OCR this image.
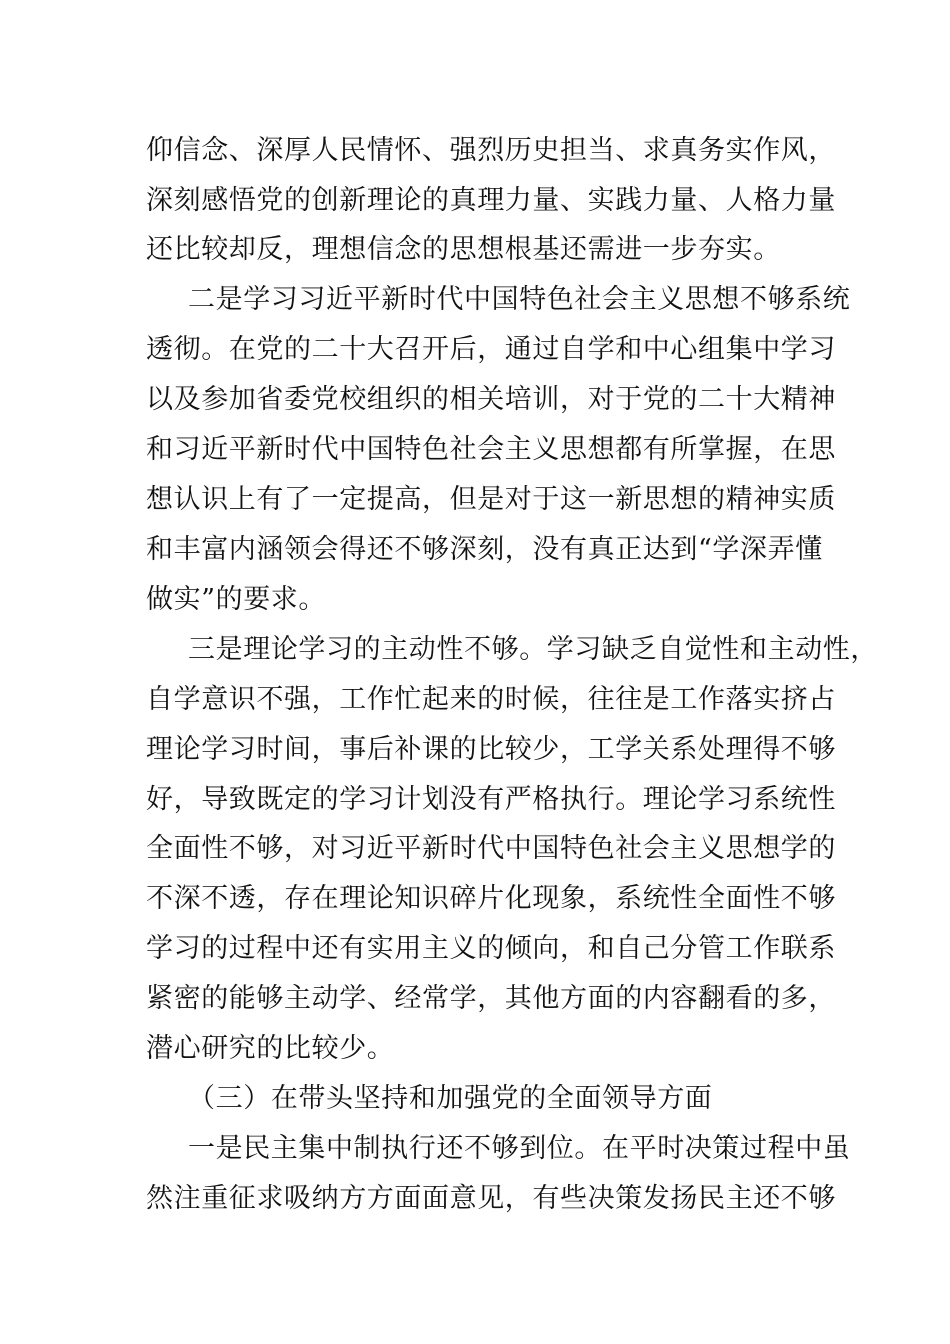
仰信念、深厚人民情怀、强烈历史担当、求真务实作风，
深刻感悟党的创新理论的真理力量、实践力量、人格力量
还比较却反，理想信念的思想根基还需进一步夯实。
二是学习习近平新时代中国特色社会主义思想不够系统
透彻。在党的二十大召开后，通过自学和中心组集中学习
以及参加省委党校组织的相关培训，对于党的二十大精神
和习近平新时代中国特色社会主义思想都有所掌握，在思
想认识上有了一定提高，但是对于这一新思想的精神实质
和丰富内涵领会得还不够深刻，没有真正达到“学深弄懂
做实”的要求。
三是理论学习的主动性不够。学习缺乏自觉性和主动性，
自学意识不强，工作忙起来的时候，往往是工作落实挤占
理论学习时间，事后补课的比较少，工学关系处理得不够
好，导致既定的学习计划没有严格执行。理论学习系统性
全面性不够，对习近平新时代中国特色社会主义思想学的
不深不透，存在理论知识碎片化现象，系统性全面性不够
学习的过程中还有实用主义的倾向，和自己分管工作联系
紧密的能够主动学、经常学，其他方面的内容翻看的多，
潜心研究的比较少。
（三）在带头坚持和加强党的全面领导方面
一是民主集中制执行还不够到位。在平时决策过程中虽
然注重征求吸纳方方面面意见，有些决策发扬民主还不够
